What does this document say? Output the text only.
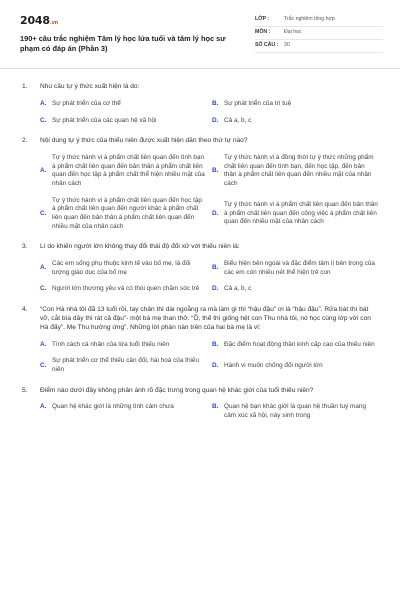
2048.vn
190+ câu trắc nghiệm Tâm lý học lứa tuổi và tâm lý học sư phạm có đáp án (Phần 3)
LỚP :	Trắc nghiệm tổng hợp
MÔN :	Đại học
SỐ CÂU :	30
1.	Nhu cầu tự ý thức xuất hiện là do:
A. Sự phát triển của cơ thể	B. Sự phát triển của trí tuệ
C. Sự phát triển của các quan hệ xã hội	D. Cả a, b, c
2.	Nội dung tự ý thức của thiếu niên được xuất hiện dần theo thứ tự nào?
A.
Tự ý thức hành vi à phẩm chất liên quan đến tình bạn à phẩm chất liên quan đến bản thân à phẩm chất liên quan đến học tập à phẩm chất thể hiện nhiều mặt của nhân cách
B.
Tự ý thức hành vi à đồng thời tự ý thức những phẩm chất liên quan đến tình bạn, đến học tập, đến bản thân à phẩm chất liên quan đến nhiều mặt của nhân cách
C.
Tự ý thức hành vi à phẩm chất liên quan đến học tập à phẩm chất liên quan đến người khác à phẩm chất liên quan đến bản thân à phẩm chất liên quan đến nhiều mặt của nhân cách
D.
Tự ý thức hành vi à phẩm chất liên quan đến bản thân à phẩm chất liên quan đến công việc à phẩm chất liên quan đến nhiều mặt của nhân cách
3.	Lí do khiến người lớn không thay đổi thái độ đối xử với thiếu niên là:
A.
Các em sống phụ thuộc kinh tế vào bố mẹ, là đối tượng giáo dục của bố mẹ
B.
Biểu hiện bên ngoài và đặc điểm tâm lí bên trong của các em còn nhiều nét thể hiện trẻ con
C. Người lớn thương yêu và có thói quen chăm sóc trẻ	D. Cả a, b, c
4.	“Con Hà nhà tôi đã 13 tuổi rồi, tay chân thì dài ngoằng ra mà làm gì thì “hậu đậu” ơi là “hậu đậu”. Rửa bát thì bát vỡ, cắt bìa dây thì rát cả đậu”- một bà mẹ than thở. “Ồ, thế thì giống hệt con Thu nhà tôi, nó học cùng lớp với con Hà đấy”. Mẹ Thu hưởng ứng”. Những lời phàn nàn trên của hai bà mẹ là vì:
A. Tính cách cá nhân của lứa tuổi thiếu niên	B. Đặc điểm hoạt động thần kinh cấp cao của thiếu niên
C.
Sự phát triển cơ thể thiếu cân đối, hài hoà của thiếu niên
D. Hành vi muốn chống đối người lớn
5.	Điểm nào dưới đây không phản ánh rõ đặc trưng trong quan hệ khác giới của tuổi thiếu niên?
A. Quan hệ khác giới là những tình cảm chưa	B. Quan hệ bạn khác giới là quan hệ thuần tuý mang cảm xúc xã hội, này sinh trong
